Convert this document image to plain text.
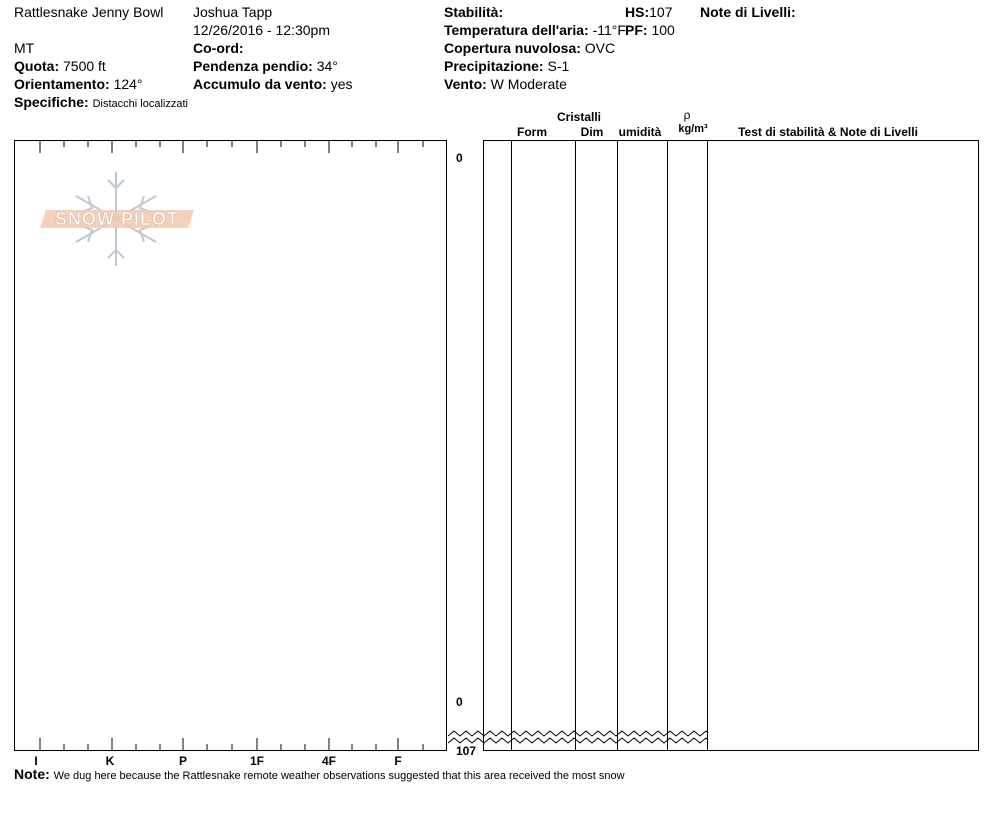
Rattlesnake Jenny Bowl
MT
Quota: 7500 ft
Orientamento: 124°
Specifiche: Distacchi localizzati
Joshua Tapp
12/26/2016 - 12:30pm
Co-ord:
Pendenza pendio: 34°
Accumulo da vento: yes
Stabilità:
Temperatura dell'aria: -11°F
Copertura nuvolosa: OVC
Precipitazione: S-1
Vento: W Moderate
HS:107
PF: 100
Note di Livelli:
Cristalli
Form	Dim	umidità
ρ
kg/m³	Test di stabilità & Note di Livelli
SNOW PILOT
0
0
107
I	K	P	1F	4F	F
Note: We dug here because the Rattlesnake remote weather observations suggested that this area received the most snow
